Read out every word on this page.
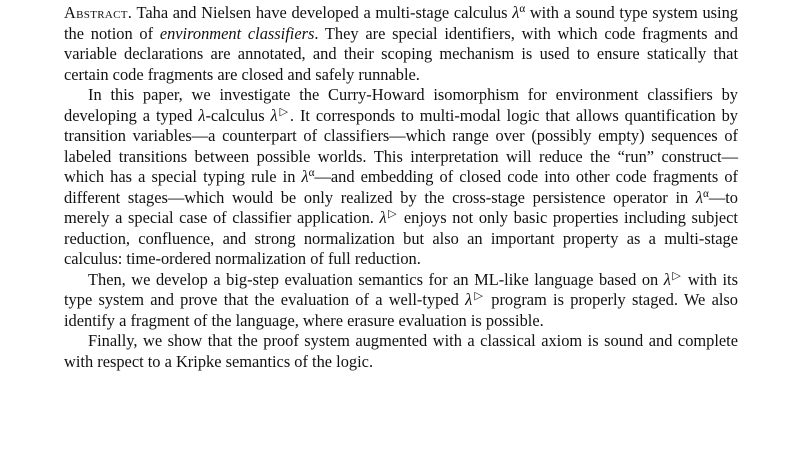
Abstract. Taha and Nielsen have developed a multi-stage calculus $\lambda^\alpha$ with a sound type system using the notion of environment classifiers. They are special identifiers, with which code fragments and variable declarations are annotated, and their scoping mechanism is used to ensure statically that certain code fragments are closed and safely runnable.

In this paper, we investigate the Curry-Howard isomorphism for environment classifiers by developing a typed λ-calculus λ▷. It corresponds to multi-modal logic that allows quantification by transition variables—a counterpart of classifiers—which range over (possibly empty) sequences of labeled transitions between possible worlds. This interpretation will reduce the “run” construct—which has a special typing rule in $\lambda^\alpha—and$ embedding of closed code into other code fragments of different stages—which would be only realized by the cross-stage persistence operator in $\lambda^\alpha—to$ merely a special case of classifier application. λ▷ enjoys not only basic properties including subject reduction, confluence, and strong normalization but also an important property as a multi-stage calculus: time-ordered normalization of full reduction.

Then, we develop a big-step evaluation semantics for an ML-like language based on λ▷ with its type system and prove that the evaluation of a well-typed λ▷ program is properly staged. We also identify a fragment of the language, where erasure evaluation is possible.

Finally, we show that the proof system augmented with a classical axiom is sound and complete with respect to a Kripke semantics of the logic.
